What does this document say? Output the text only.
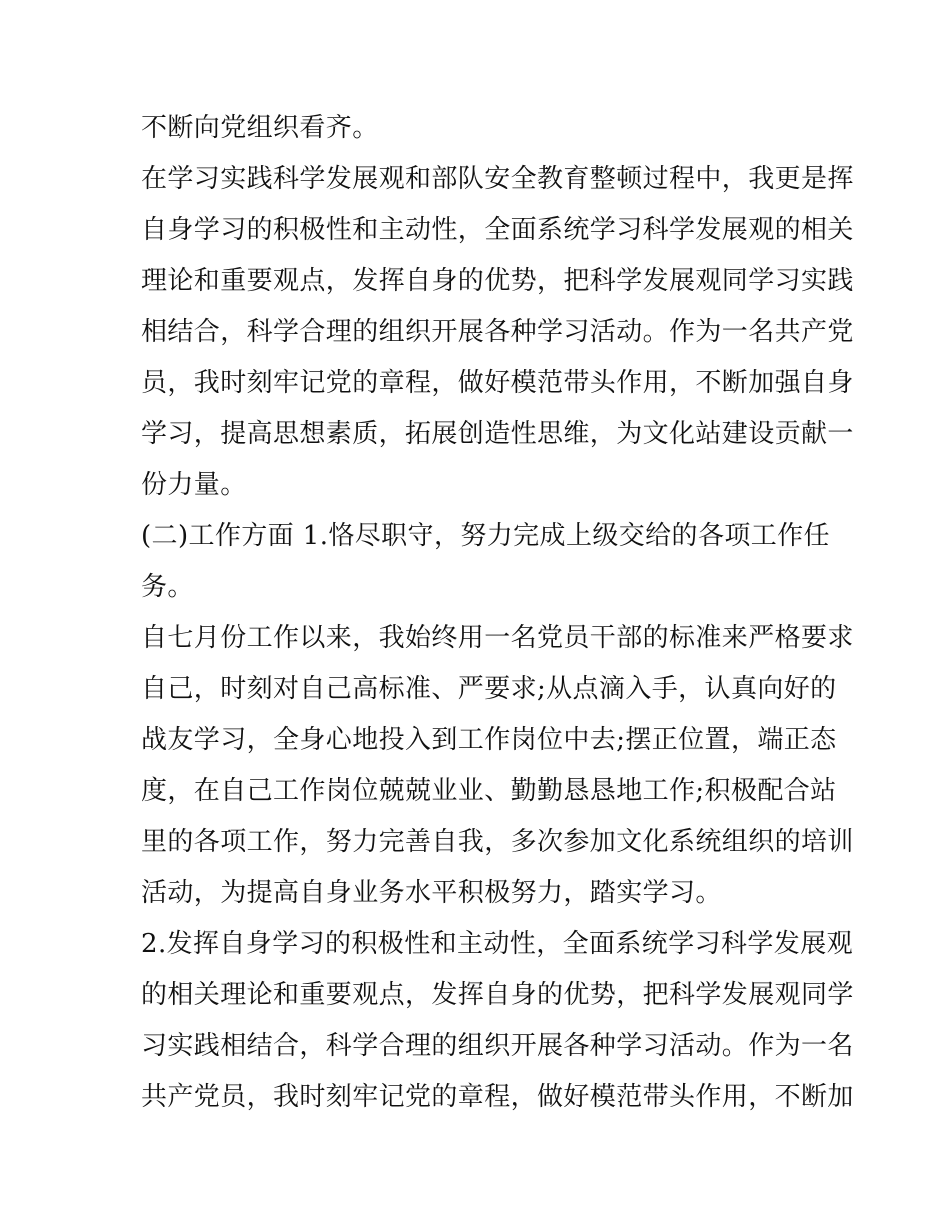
不断向党组织看齐。
在学习实践科学发展观和部队安全教育整顿过程中，我更是挥
自身学习的积极性和主动性，全面系统学习科学发展观的相关
理论和重要观点，发挥自身的优势，把科学发展观同学习实践
相结合，科学合理的组织开展各种学习活动。作为一名共产党
员，我时刻牢记党的章程，做好模范带头作用，不断加强自身
学习，提高思想素质，拓展创造性思维，为文化站建设贡献一
份力量。
(二)工作方面 1.恪尽职守，努力完成上级交给的各项工作任
务。
自七月份工作以来，我始终用一名党员干部的标准来严格要求
自己，时刻对自己高标准、严要求;从点滴入手，认真向好的
战友学习，全身心地投入到工作岗位中去;摆正位置，端正态
度，在自己工作岗位兢兢业业、勤勤恳恳地工作;积极配合站
里的各项工作，努力完善自我，多次参加文化系统组织的培训
活动，为提高自身业务水平积极努力，踏实学习。
2.发挥自身学习的积极性和主动性，全面系统学习科学发展观
的相关理论和重要观点，发挥自身的优势，把科学发展观同学
习实践相结合，科学合理的组织开展各种学习活动。作为一名
共产党员，我时刻牢记党的章程，做好模范带头作用，不断加
